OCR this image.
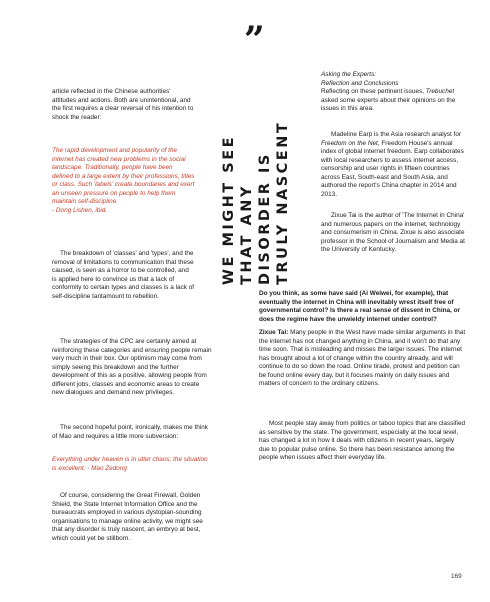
”

article reflected in the Chinese authorities' attitudes and actions. Both are unintentional, and the first requires a clear reversal of his intention to shock the reader:

The rapid development and popularity of the internet has created new problems in the social landscape. Traditionally, people have been defined to a large extent by their professions, titles or class. Such 'labels' create boundaries and exert an unseen pressure on people to help them maintain self-discipline.
- Dong Lishen, ibid.

The breakdown of 'classes' and 'types', and the removal of limitations to communication that these caused, is seen as a horror to be controlled, and is applied here to convince us that a lack of conformity to certain types and classes is a lack of self-discipline tantamount to rebellion.

The strategies of the CPC are certainly aimed at reinforcing these categories and ensuring people remain very much in their box. Our optimism may come from simply seeing this breakdown and the further development of this as a positive, allowing people from different jobs, classes and economic areas to create new dialogues and demand new privileges.

The second hopeful point, ironically, makes me think of Mao and requires a little more subversion:

Everything under heaven is in utter chaos; the situation is excellent. - Mao Zedong

Of course, considering the Great Firewall, Golden Shield, the State Internet Information Office and the bureaucrats employed in various dystopian-sounding organisations to manage online activity, we might see that any disorder is truly nascent, an embryo at best, which could yet be stillborn.

WE MIGHT SEE THAT ANY DISORDER IS TRULY NASCENT

Asking the Experts:
Reflection and Conclusions

Reflecting on these pertinent issues, Trebuchet asked some experts about their opinions on the issues in this area.

Madeline Earp is the Asia research analyst for Freedom on the Net, Freedom House's annual index of global internet freedom. Earp collaborates with local researchers to assess internet access, censorship and user rights in fifteen countries across East, South-east and South Asia, and authored the report's China chapter in 2014 and 2013.

Zixue Tai is the author of 'The Internet in China' and numerous papers on the internet, technology and consumerism in China. Zixue is also associate professor in the School of Journalism and Media at the University of Kentucky.

Do you think, as some have said (Ai Weiwei, for example), that eventually the internet in China will inevitably wrest itself free of governmental control? Is there a real sense of dissent in China, or does the regime have the unwieldy internet under control?

Zixue Tai: Many people in the West have made similar arguments in that the internet has not changed anything in China, and it won't do that any time soon. That is misleading and misses the larger issues. The internet has brought about a lot of change within the country already, and will continue to do so down the road. Online tirade, protest and petition can be found online every day, but it focuses mainly on daily issues and matters of concern to the ordinary citizens.

Most people stay away from politics or taboo topics that are classified as sensitive by the state. The government, especially at the local level, has changed a lot in how it deals with citizens in recent years, largely due to popular pulse online. So there has been resistance among the people when issues affect their everyday life.

169
